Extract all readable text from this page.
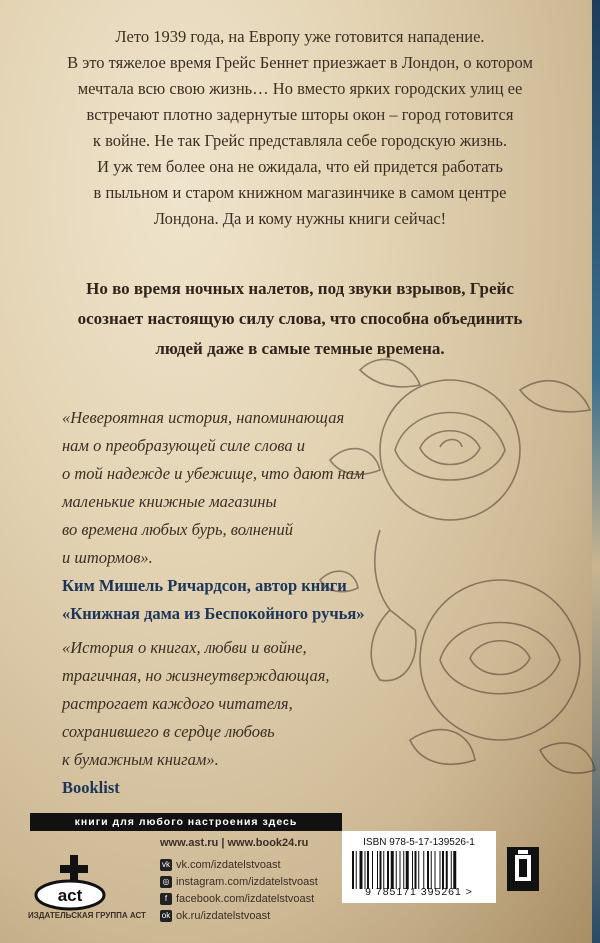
Лето 1939 года, на Европу уже готовится нападение.
В это тяжелое время Грейс Беннет приезжает в Лондон, о котором
мечтала всю свою жизнь… Но вместо ярких городских улиц ее
встречают плотно задернутые шторы окон – город готовится
к войне. Не так Грейс представляла себе городскую жизнь.
И уж тем более она не ожидала, что ей придется работать
в пыльном и старом книжном магазинчике в самом центре
Лондона. Да и кому нужны книги сейчас!
Но во время ночных налетов, под звуки взрывов, Грейс
осознает настоящую силу слова, что способна объединить
людей даже в самые темные времена.
«Невероятная история, напоминающая
нам о преобразующей силе слова и
о той надежде и убежище, что дают нам
маленькие книжные магазины
во времена любых бурь, волнений
и штормов».
Ким Мишель Ричардсон, автор книги
«Книжная дама из Беспокойного ручья»
«История о книгах, любви и войне,
трагичная, но жизнеутверждающая,
растрогает каждого читателя,
сохранившего в сердце любовь
к бумажным книгам».
Booklist
книги для любого настроения здесь
act
ИЗДАТЕЛЬСКАЯ ГРУППА АСТ
www.ast.ru | www.book24.ru
vk vk.com/izdatelstvoast
◎ instagram.com/izdatelstvoast
f facebook.com/izdatelstvoast
ok ok.ru/izdatelstvoast
ISBN 978-5-17-139526-1
9 785171 395261 >
